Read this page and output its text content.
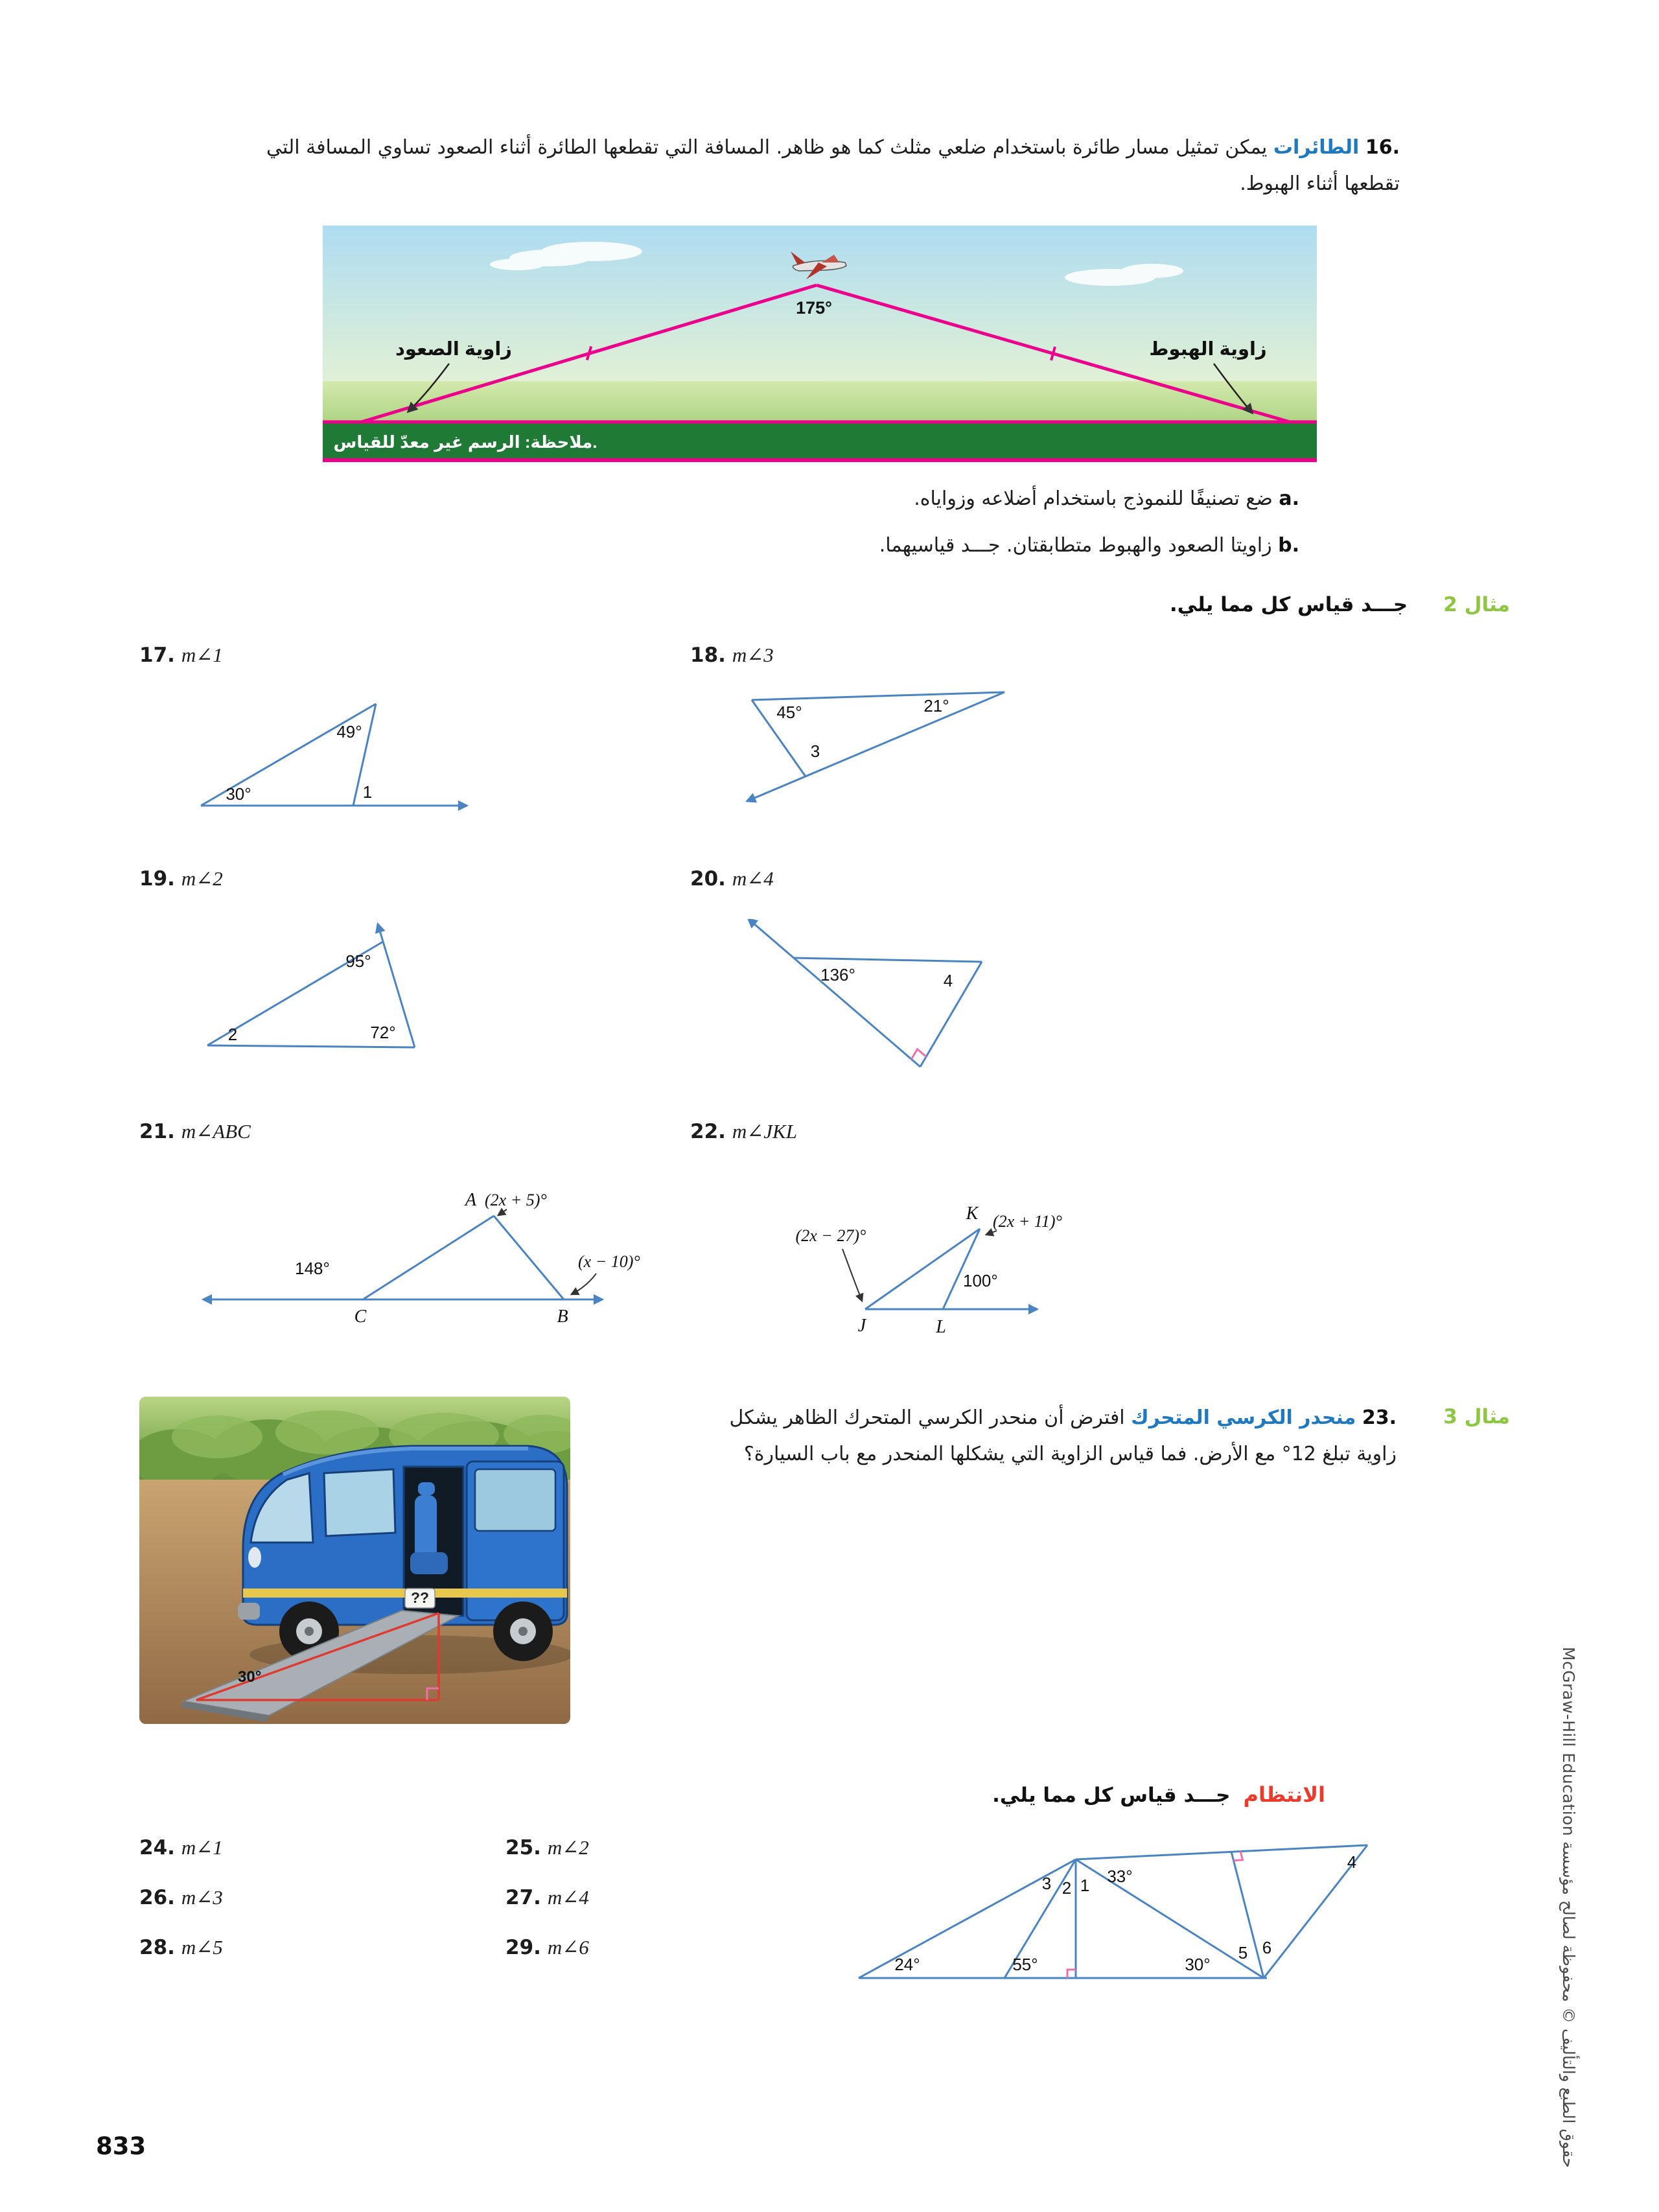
16. الطائرات يمكن تمثيل مسار طائرة باستخدام ضلعي مثلث كما هو ظاهر. المسافة التي تقطعها الطائرة أثناء الصعود تساوي المسافة التي تقطعها أثناء الهبوط.
175°
زاوية الصعود	زاوية الهبوط
ملاحظة: الرسم غير معدّ للقياس.
a. ضع تصنيفًا للنموذج باستخدام أضلاعه وزواياه.
b. زاويتا الصعود والهبوط متطابقتان. جـــد قياسيهما.
مثال 2
جـــد قياس كل مما يلي.
17. m∠1	18. m∠3
49°
30°	1
45°	21°
3
19. m∠2	20. m∠4
95°
2	72°
136°	4
21. m∠ABC	22. m∠JKL
148°
A (2x + 5)°
(x − 10)°
C	B
K (2x + 11)°
(2x − 27)°
J	L
100°
??
30°
مثال 3
23. منحدر الكرسي المتحرك افترض أن منحدر الكرسي المتحرك الظاهر يشكل زاوية تبلغ 12° مع الأرض. فما قياس الزاوية التي يشكلها المنحدر مع باب السيارة؟
الانتظام
جـــد قياس كل مما يلي.
24°	55°	30°
5 6
3 2 1 33°
4
24. m∠1	25. m∠2
26. m∠3	27. m∠4
28. m∠5	29. m∠6
833
حقوق الطبع والتأليف © محفوظة لصالح مؤسسة McGraw-Hill Education
